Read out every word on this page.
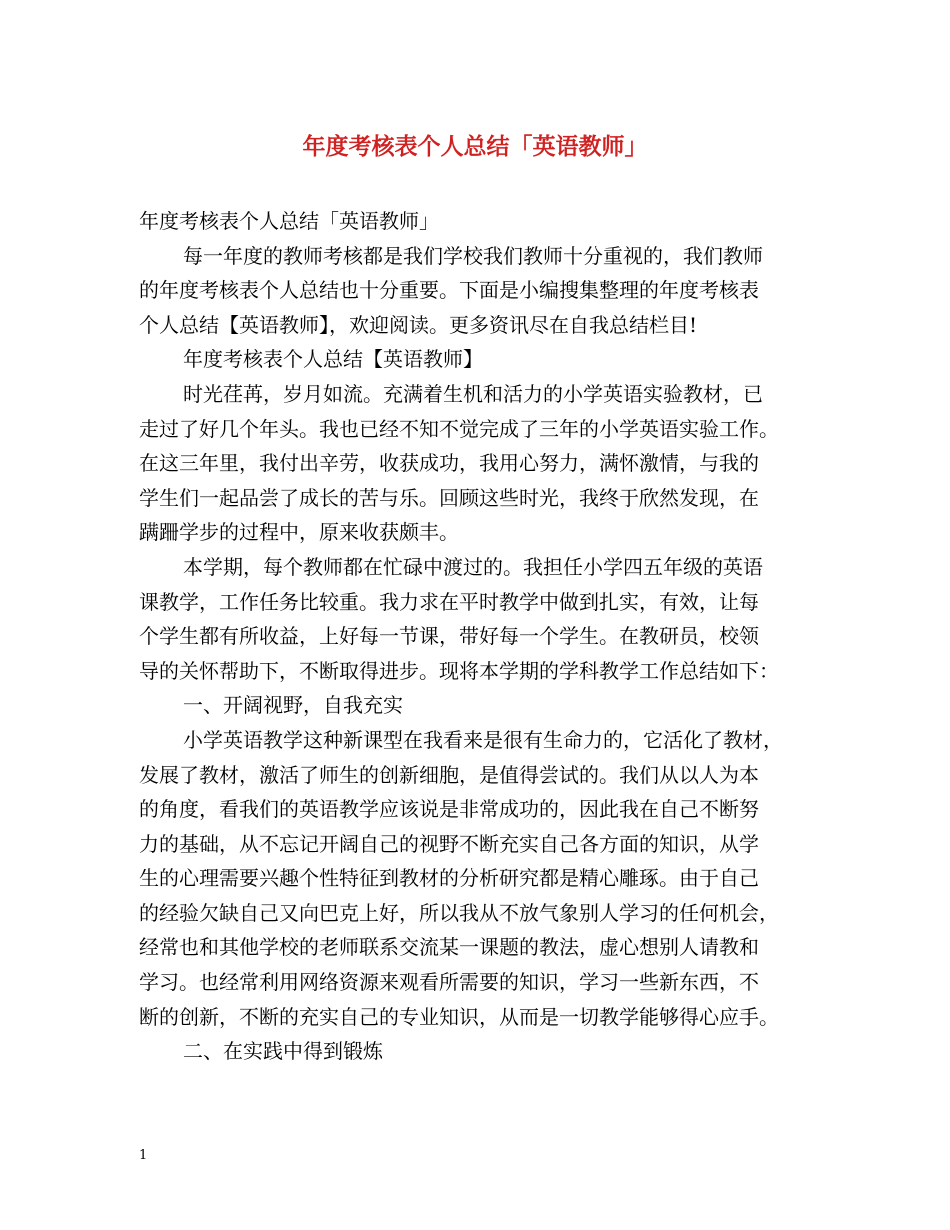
年度考核表个人总结「英语教师」
年度考核表个人总结「英语教师」
每一年度的教师考核都是我们学校我们教师十分重视的，我们教师
的年度考核表个人总结也十分重要。下面是小编搜集整理的年度考核表
个人总结【英语教师】，欢迎阅读。更多资讯尽在自我总结栏目!
年度考核表个人总结【英语教师】
时光荏苒，岁月如流。充满着生机和活力的小学英语实验教材，已
走过了好几个年头。我也已经不知不觉完成了三年的小学英语实验工作。
在这三年里，我付出辛劳，收获成功，我用心努力，满怀激情，与我的
学生们一起品尝了成长的苦与乐。回顾这些时光，我终于欣然发现，在
蹒跚学步的过程中，原来收获颇丰。
本学期，每个教师都在忙碌中渡过的。我担任小学四五年级的英语
课教学，工作任务比较重。我力求在平时教学中做到扎实，有效，让每
个学生都有所收益，上好每一节课，带好每一个学生。在教研员，校领
导的关怀帮助下，不断取得进步。现将本学期的学科教学工作总结如下：
一、开阔视野，自我充实
小学英语教学这种新课型在我看来是很有生命力的，它活化了教材，
发展了教材，激活了师生的创新细胞，是值得尝试的。我们从以人为本
的角度，看我们的英语教学应该说是非常成功的，因此我在自己不断努
力的基础，从不忘记开阔自己的视野不断充实自己各方面的知识，从学
生的心理需要兴趣个性特征到教材的分析研究都是精心雕琢。由于自己
的经验欠缺自己又向巴克上好，所以我从不放气象别人学习的任何机会，
经常也和其他学校的老师联系交流某一课题的教法，虚心想别人请教和
学习。也经常利用网络资源来观看所需要的知识，学习一些新东西，不
断的创新，不断的充实自己的专业知识，从而是一切教学能够得心应手。
二、在实践中得到锻炼
1
